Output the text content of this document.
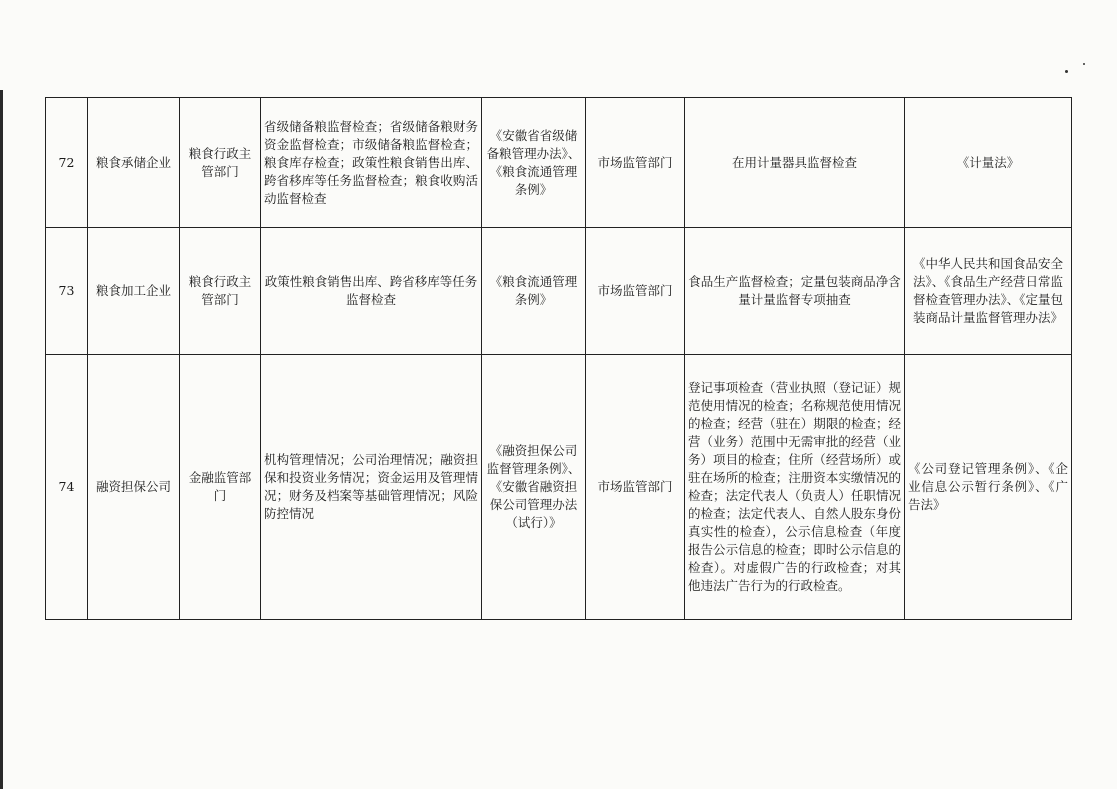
72	粮食承储企业	粮食行政主管部门	省级储备粮监督检查；省级储备粮财务资金监督检查；市级储备粮监督检查；粮食库存检查；政策性粮食销售出库、跨省移库等任务监督检查；粮食收购活动监督检查	《安徽省省级储备粮管理办法》、《粮食流通管理条例》	市场监管部门	在用计量器具监督检查	《计量法》
73	粮食加工企业	粮食行政主管部门	政策性粮食销售出库、跨省移库等任务监督检查	《粮食流通管理条例》	市场监管部门	食品生产监督检查；定量包装商品净含量计量监督专项抽查	《中华人民共和国食品安全法》、《食品生产经营日常监督检查管理办法》、《定量包装商品计量监督管理办法》
74	融资担保公司	金融监管部门	机构管理情况；公司治理情况；融资担保和投资业务情况；资金运用及管理情况；财务及档案等基础管理情况；风险防控情况	《融资担保公司监督管理条例》、《安徽省融资担保公司管理办法（试行）》	市场监管部门	登记事项检查（营业执照（登记证）规范使用情况的检查；名称规范使用情况的检查；经营（驻在）期限的检查；经营（业务）范围中无需审批的经营（业务）项目的检查；住所（经营场所）或驻在场所的检查；注册资本实缴情况的检查；法定代表人（负责人）任职情况的检查；法定代表人、自然人股东身份真实性的检查），公示信息检查（年度报告公示信息的检查；即时公示信息的检查）。对虚假广告的行政检查；对其他违法广告行为的行政检查。	《公司登记管理条例》、《企业信息公示暂行条例》、《广告法》
